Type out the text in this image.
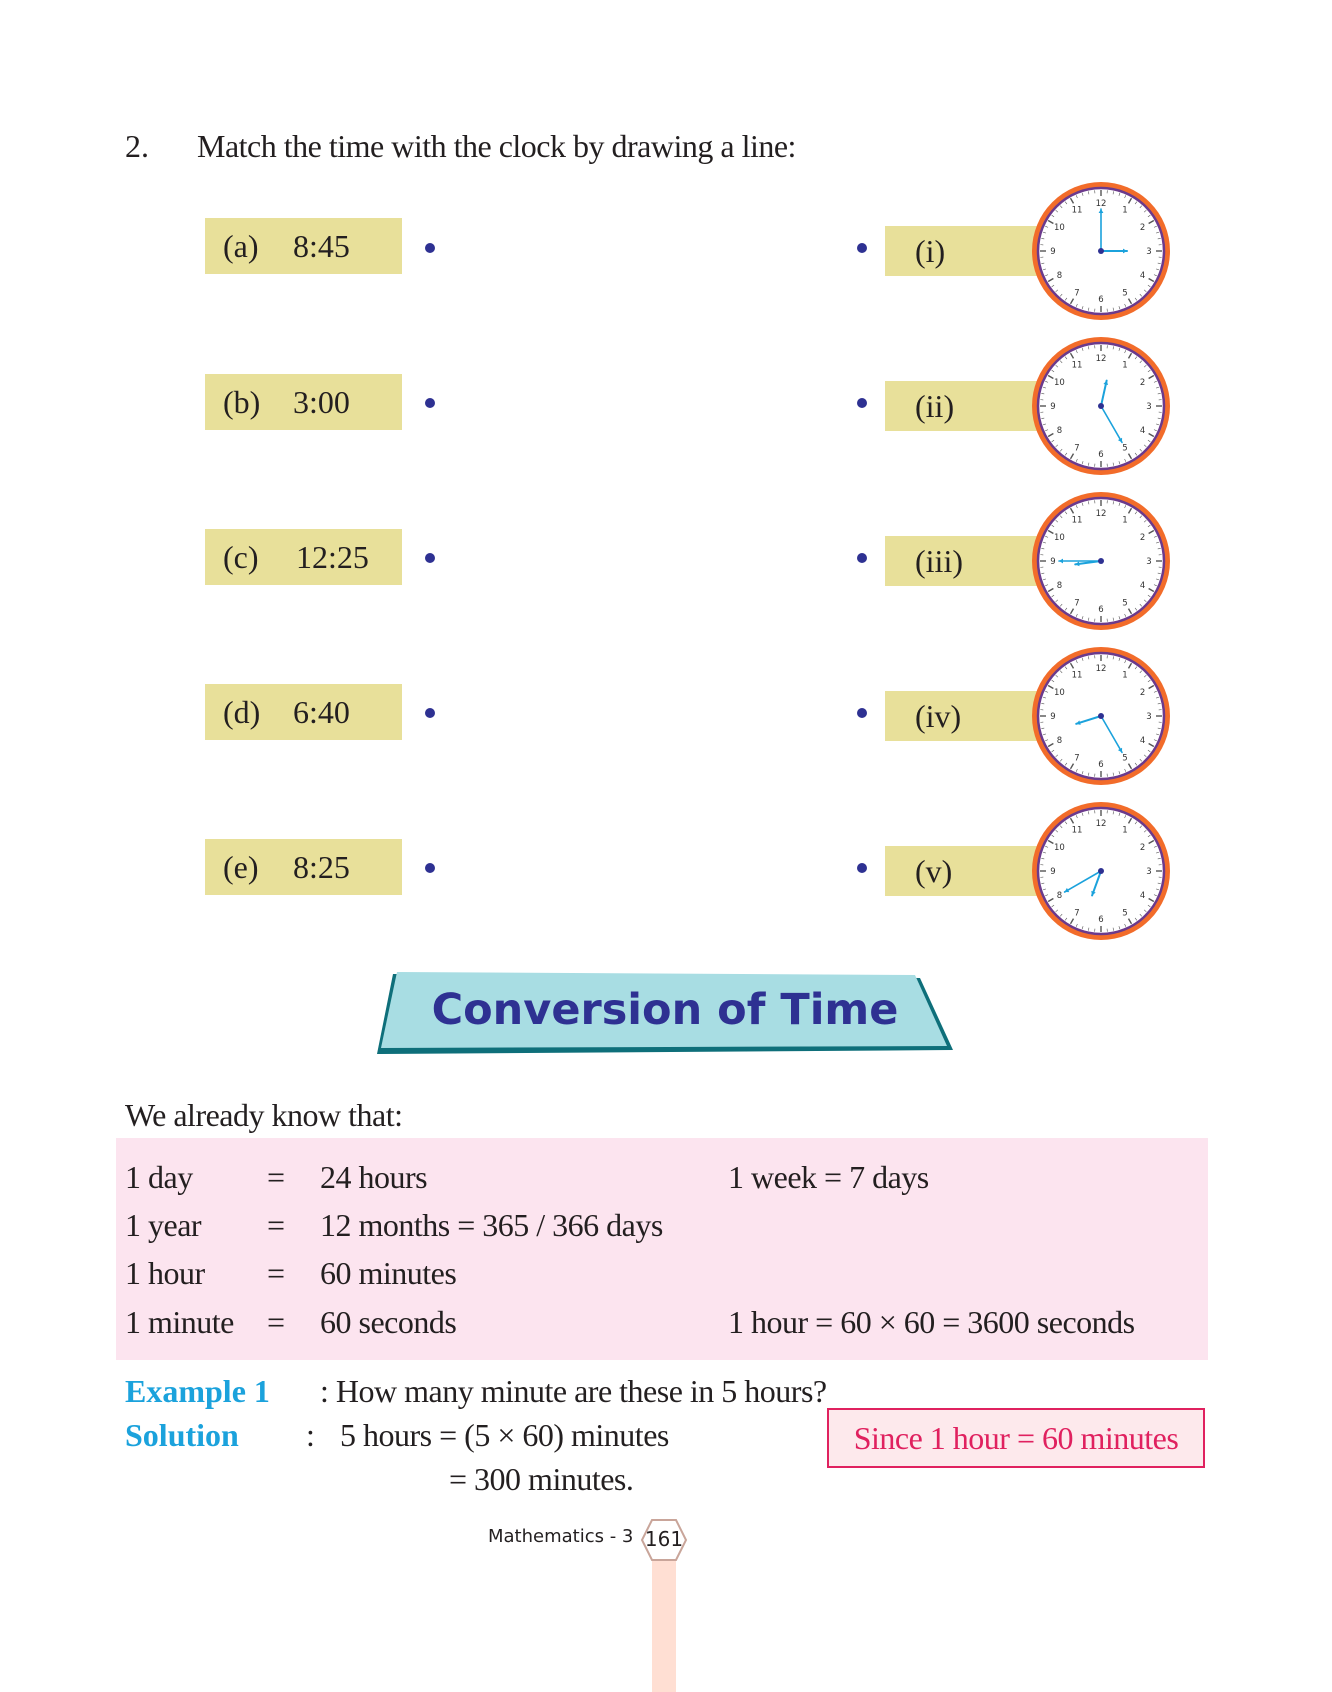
2. Match the time with the clock by drawing a line:
(a) 8:45
(b) 3:00
(c) 12:25
(d) 6:40
(e) 8:25
(i)
(ii)
(iii)
(iv)
(v)
12
1
2
3
4
5
6
7
8
9
10
11
12
1
2
3
4
5
6
7
8
9
10
11
12
1
2
3
4
5
6
7
8
9
10
11
12
1
2
3
4
5
6
7
8
9
10
11
12
1
2
3
4
5
6
7
8
9
10
11
Conversion of Time
We already know that:
1 day = 24 hours	1 week = 7 days
1 year = 12 months = 365 / 366 days
1 hour = 60 minutes
1 minute = 60 seconds	1 hour = 60 × 60 = 3600 seconds
Example 1 : How many minute are these in 5 hours?
Solution : 5 hours = (5 × 60) minutes
= 300 minutes.
Since 1 hour = 60 minutes
Mathematics - 3 161
